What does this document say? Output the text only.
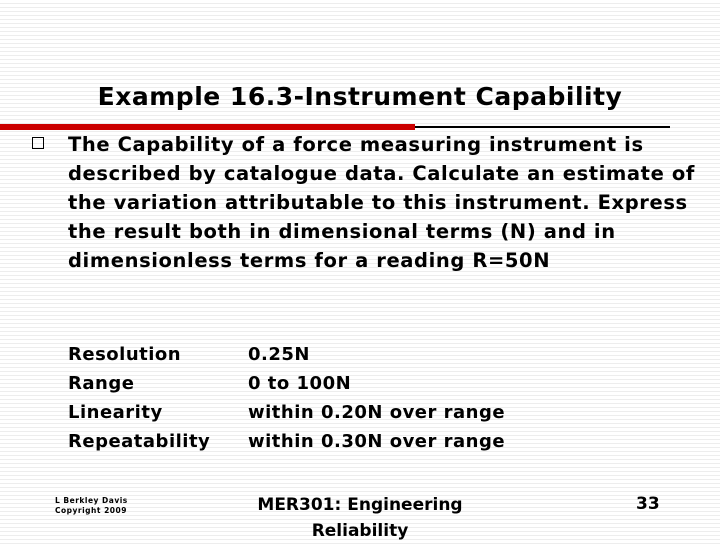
Example 16.3-Instrument Capability
The Capability of a force measuring instrument is described by catalogue data. Calculate an estimate of the variation attributable to this instrument. Express the result both in dimensional terms (N) and in dimensionless terms for a reading R=50N
Resolution	0.25N
Range	0 to 100N
Linearity	within 0.20N over range
Repeatability within 0.30N over range
L Berkley Davis
Copyright 2009	MER301: Engineering
Reliability
33
